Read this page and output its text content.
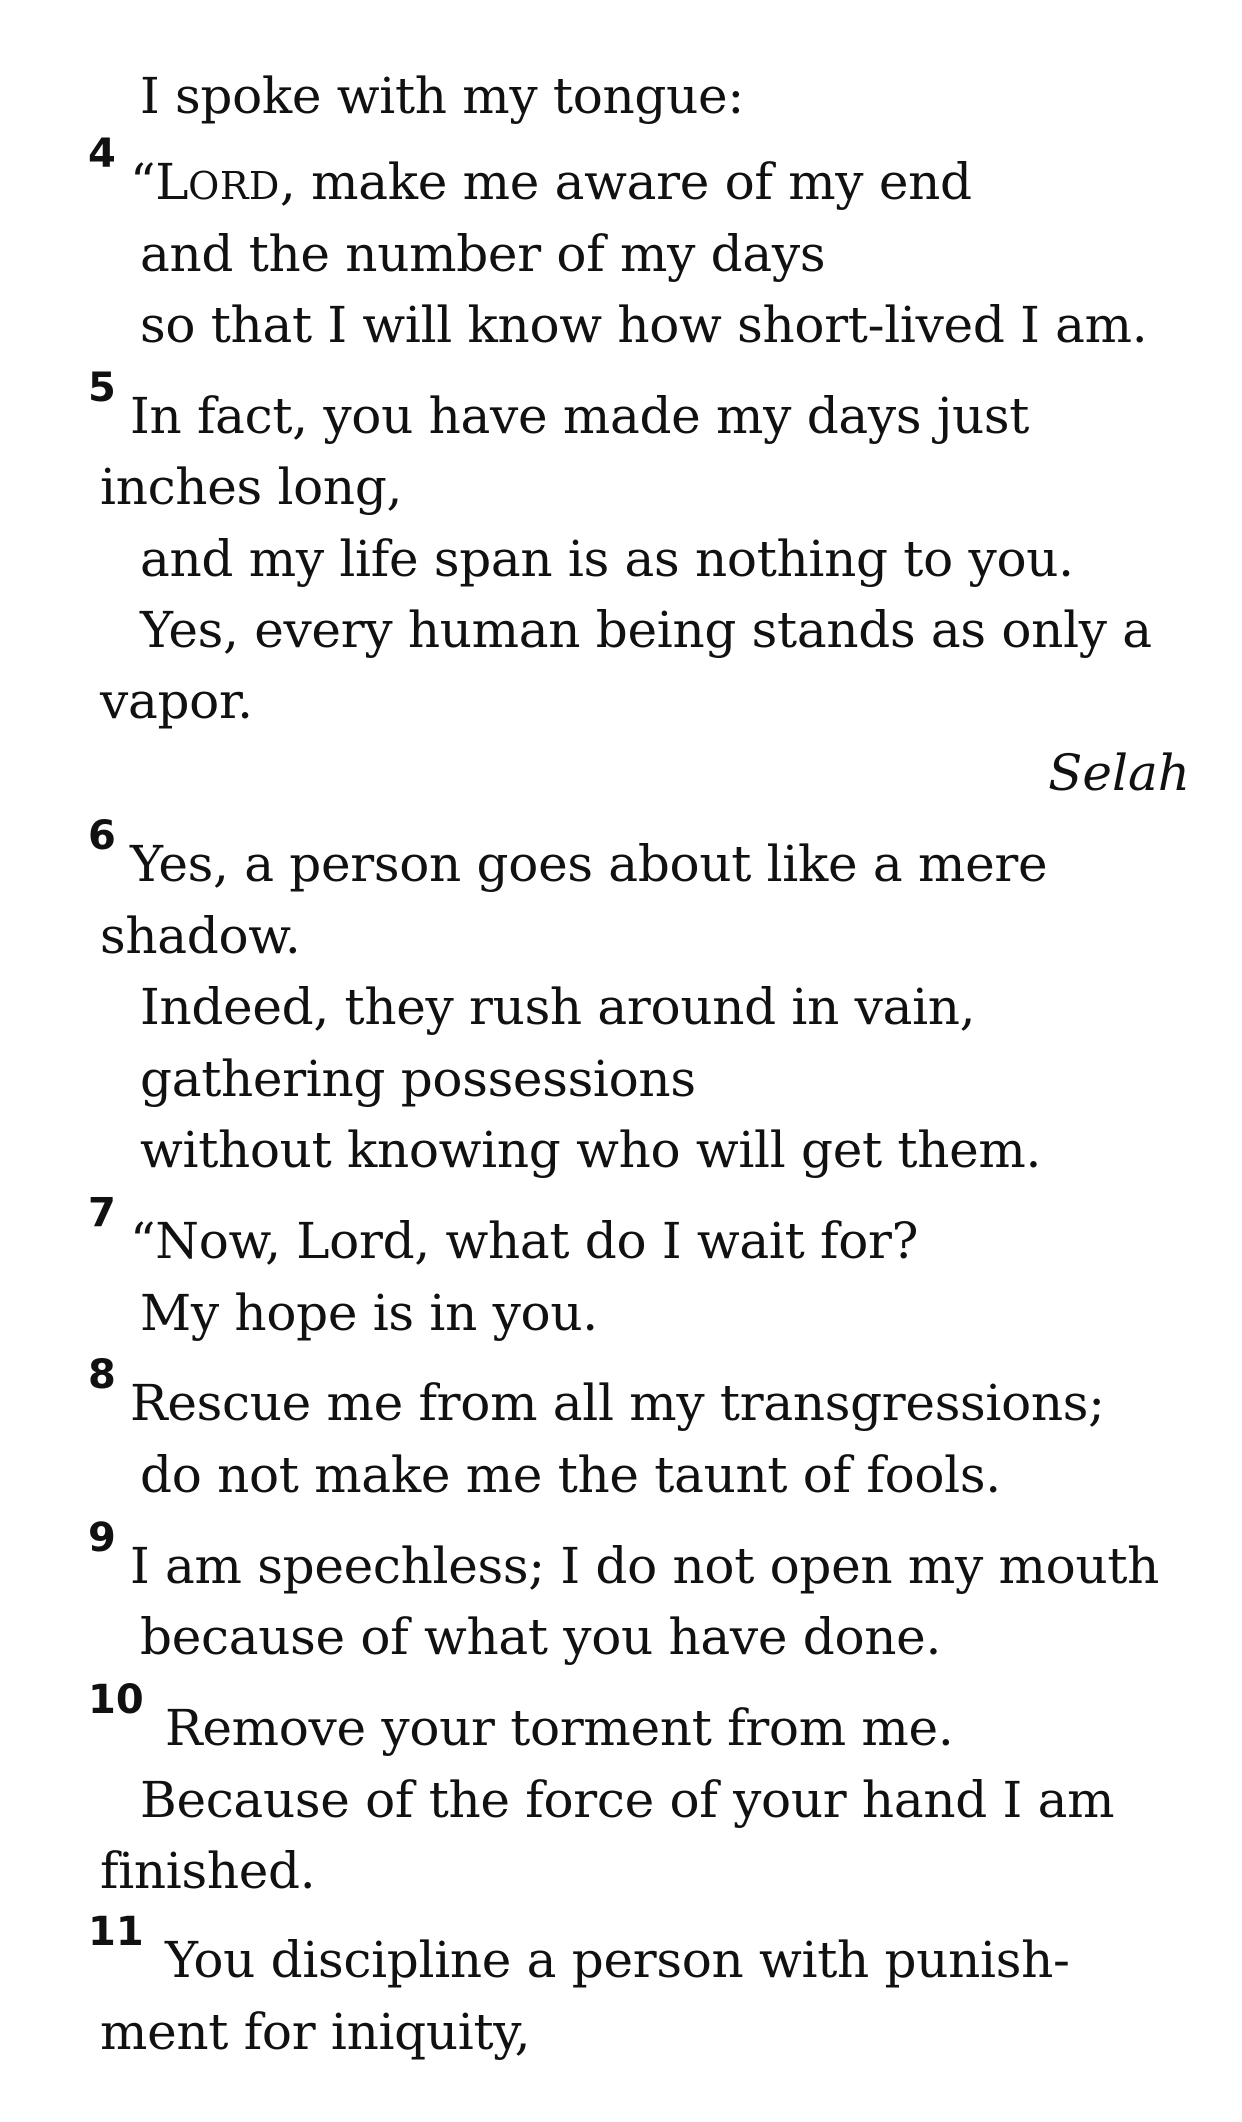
I spoke with my tongue:
4 “LORD, make me aware of my end
and the number of my days
so that I will know how short-lived I am.
5 In fact, you have made my days just
inches long,
and my life span is as nothing to you.
Yes, every human being stands as only a
vapor.
Selah
6 Yes, a person goes about like a mere
shadow.
Indeed, they rush around in vain,
gathering possessions
without knowing who will get them.
7 “Now, Lord, what do I wait for?
My hope is in you.
8 Rescue me from all my transgressions;
do not make me the taunt of fools.
9 I am speechless; I do not open my mouth
because of what you have done.
10 Remove your torment from me.
Because of the force of your hand I am
finished.
11 You discipline a person with punish-
ment for iniquity,
